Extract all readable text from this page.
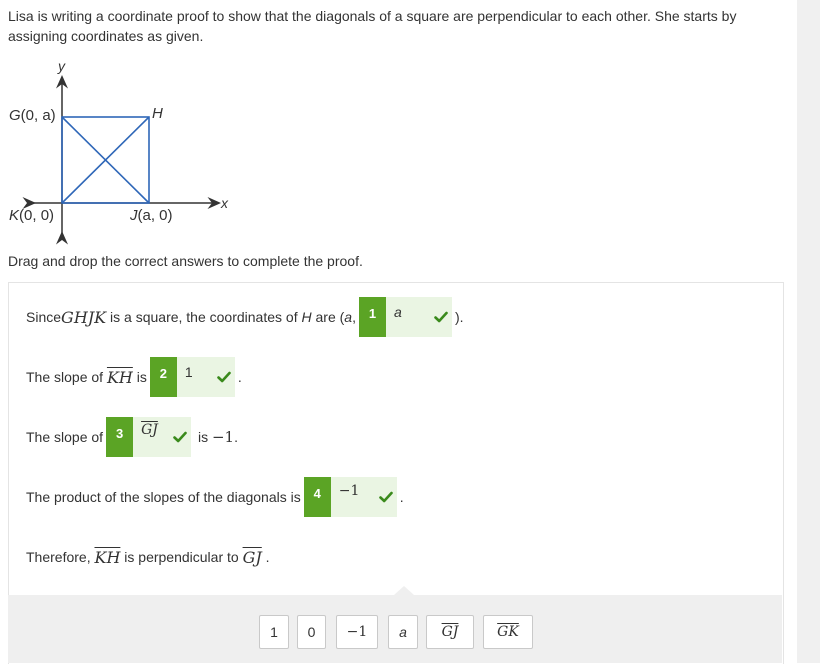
Lisa is writing a coordinate proof to show that the diagonals of a square are perpendicular to each other. She starts by assigning coordinates as given.
y
x
G(0, a)	H
K(0, 0)	J(a, 0)
Drag and drop the correct answers to complete the proof.
Since GHJK is a square, the coordinates of H are ( a , 1	a	).
The slope of $\overline{KH}$ is 2	1	.
The slope of 3	$\overline{GJ}$	is −1 .
The product of the slopes of the diagonals is 4	−1	.
Therefore, $\overline{KH}$ is perpendicular to $\overline{GJ}$ .
1	0	−1	a	$\overline{GJ}$	$\overline{GK}$
